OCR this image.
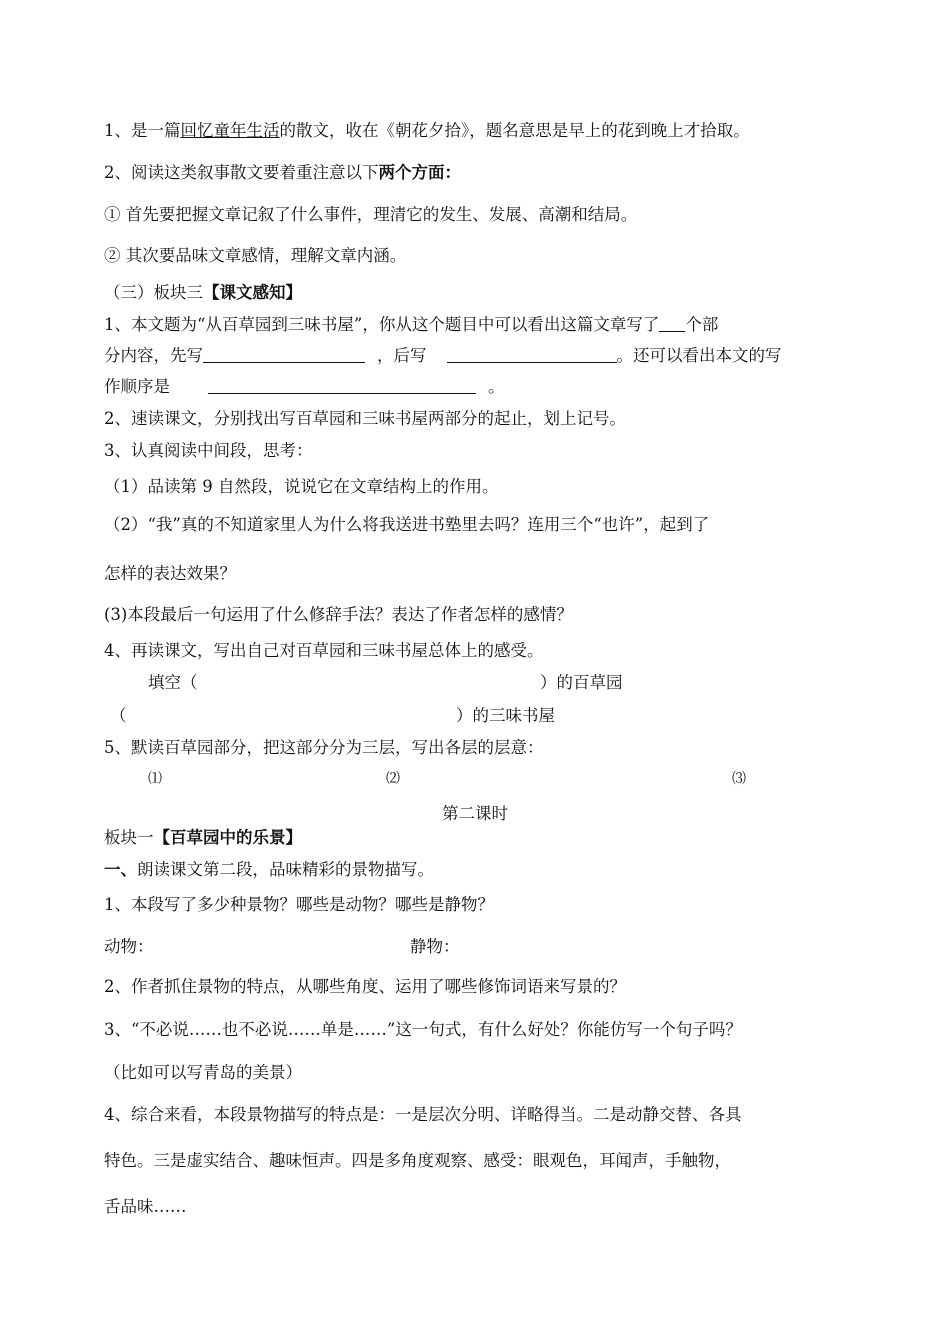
1、是一篇回忆童年生活的散文，收在《朝花夕拾》，题名意思是早上的花到晚上才拾取。
2、阅读这类叙事散文要着重注意以下两个方面：
① 首先要把握文章记叙了什么事件，理清它的发生、发展、高潮和结局。
② 其次要品味文章感情，理解文章内涵。
（三）板块三【课文感知】
1、本文题为“从百草园到三味书屋”，你从这个题目中可以看出这篇文章写了 个部
分内容，先写	，后写	。还可以看出本文的写
作顺序是	。
2、速读课文，分别找出写百草园和三味书屋两部分的起止，划上记号。
3、认真阅读中间段，思考：
（1）品读第 9 自然段，说说它在文章结构上的作用。
（2）“我”真的不知道家里人为什么将我送进书塾里去吗？连用三个“也许”，起到了
怎样的表达效果？
(3)本段最后一句运用了什么修辞手法？表达了作者怎样的感情？
4、再读课文，写出自己对百草园和三味书屋总体上的感受。
填空（	）的百草园
（	）的三味书屋
5、默读百草园部分，把这部分分为三层，写出各层的层意：
⑴	⑵	⑶
第二课时
板块一【百草园中的乐景】
一、朗读课文第二段，品味精彩的景物描写。
1、本段写了多少种景物？哪些是动物？哪些是静物？
动物：	静物：
2、作者抓住景物的特点，从哪些角度、运用了哪些修饰词语来写景的？
3、“不必说……也不必说……单是……”这一句式，有什么好处？你能仿写一个句子吗？
（比如可以写青岛的美景）
4、综合来看，本段景物描写的特点是：一是层次分明、详略得当。二是动静交替、各具
特色。三是虚实结合、趣味恒声。四是多角度观察、感受：眼观色，耳闻声，手触物，
舌品味……
